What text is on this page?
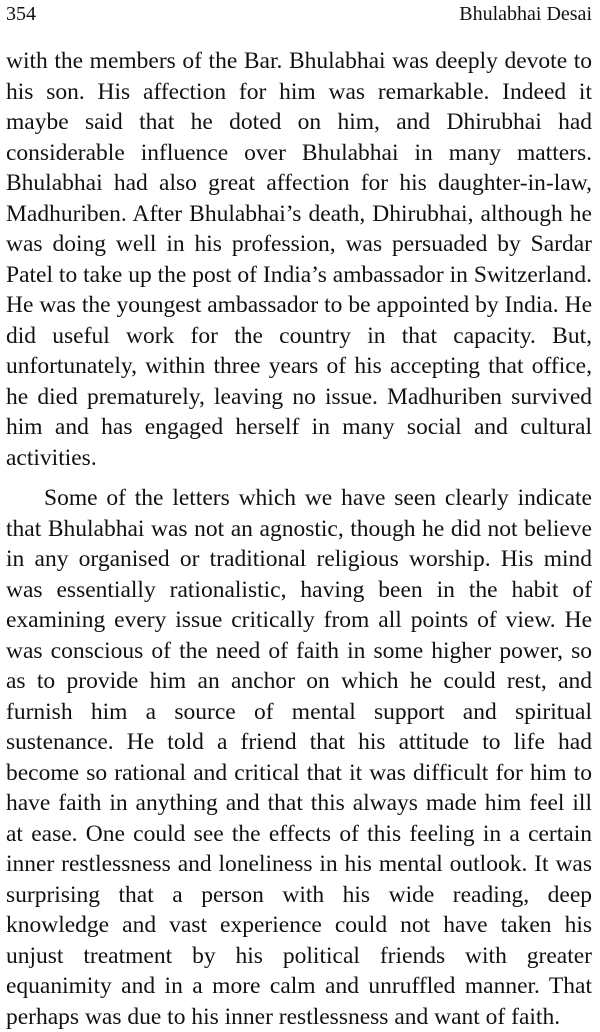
354	Bhulabhai Desai

with the members of the Bar. Bhulabhai was deeply devote to his son. His affection for him was remarkable. Indeed it maybe said that he doted on him, and Dhirubhai had considerable influence over Bhulabhai in many matters. Bhulabhai had also great affection for his daughter-in-law, Madhuriben. After Bhulabhai’s death, Dhirubhai, although he was doing well in his profession, was persuaded by Sardar Patel to take up the post of India’s ambassador in Switzerland. He was the youngest ambassador to be appointed by India. He did useful work for the country in that capacity. But, unfortunately, within three years of his accepting that office, he died prematurely, leaving no issue. Madhuriben survived him and has engaged herself in many social and cultural activities.

Some of the letters which we have seen clearly indicate that Bhulabhai was not an agnostic, though he did not believe in any organised or traditional religious worship. His mind was essentially rationalistic, having been in the habit of examining every issue critically from all points of view. He was conscious of the need of faith in some higher power, so as to provide him an anchor on which he could rest, and furnish him a source of mental support and spiritual sustenance. He told a friend that his attitude to life had become so rational and critical that it was difficult for him to have faith in anything and that this always made him feel ill at ease. One could see the effects of this feeling in a certain inner restlessness and loneliness in his mental outlook. It was surprising that a person with his wide reading, deep knowledge and vast experience could not have taken his unjust treatment by his political friends with greater equanimity and in a more calm and unruffled manner. That perhaps was due to his inner restlessness and want of faith.
